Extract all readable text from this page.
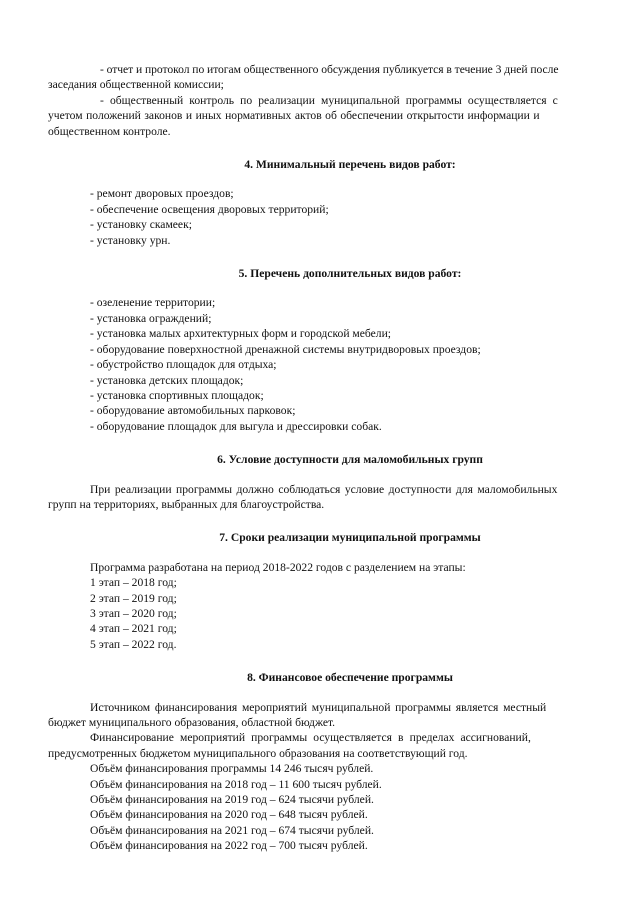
- отчет и протокол по итогам общественного обсуждения публикуется в течение 3 дней после

заседания общественной комиссии;

- общественный контроль по реализации муниципальной программы осуществляется с

учетом положений законов и иных нормативных актов об обеспечении открытости информации и

общественном контроле.

4. Минимальный перечень видов работ:

- ремонт дворовых проездов;

- обеспечение освещения дворовых территорий;

- установку скамеек;

- установку урн.

5. Перечень дополнительных видов работ:

- озеленение территории;

- установка ограждений;

- установка малых архитектурных форм и городской мебели;

- оборудование поверхностной дренажной системы внутридворовых проездов;

- обустройство площадок для отдыха;

- установка детских площадок;

- установка спортивных площадок;

- оборудование автомобильных парковок;

- оборудование площадок для выгула и дрессировки собак.

6. Условие доступности для маломобильных групп

При реализации программы должно соблюдаться условие доступности для маломобильных

групп на территориях, выбранных для благоустройства.

7. Сроки реализации муниципальной программы

Программа разработана на период 2018-2022 годов с разделением на этапы:

1 этап – 2018 год;

2 этап – 2019 год;

3 этап – 2020 год;

4 этап – 2021 год;

5 этап – 2022 год.

8. Финансовое обеспечение программы

Источником финансирования мероприятий муниципальной программы является местный

бюджет муниципального образования, областной бюджет.

Финансирование мероприятий программы осуществляется в пределах ассигнований,

предусмотренных бюджетом муниципального образования на соответствующий год.

Объём финансирования программы 14 246 тысяч рублей.

Объём финансирования на 2018 год – 11 600 тысяч рублей.

Объём финансирования на 2019 год – 624 тысячи рублей.

Объём финансирования на 2020 год – 648 тысяч рублей.

Объём финансирования на 2021 год – 674 тысячи рублей.

Объём финансирования на 2022 год – 700 тысяч рублей.
